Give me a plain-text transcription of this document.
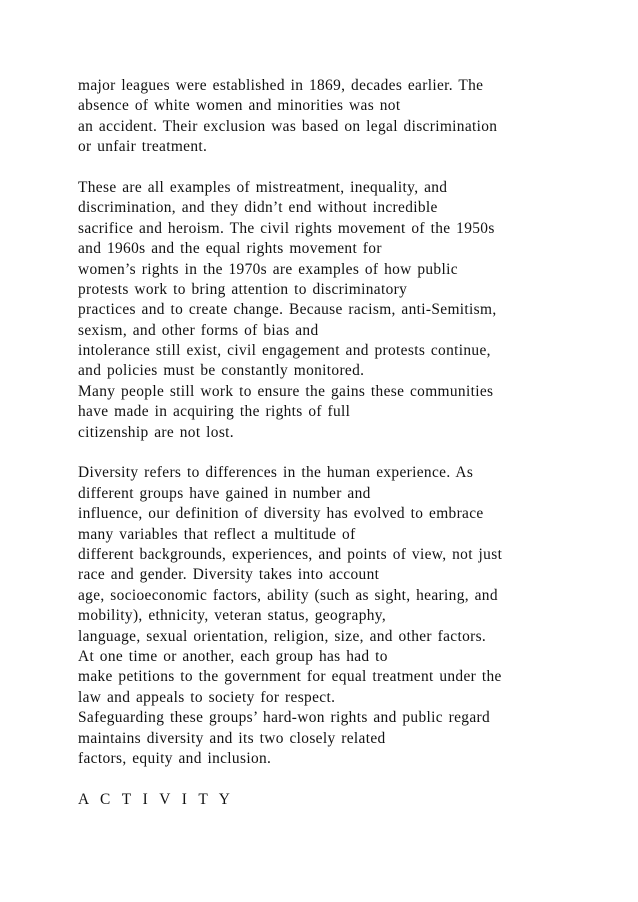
major leagues were established in 1869, decades earlier. The
absence of white women and minorities was not
an accident. Their exclusion was based on legal discrimination
or unfair treatment.
These are all examples of mistreatment, inequality, and
discrimination, and they didn’t end without incredible
sacrifice and heroism. The civil rights movement of the 1950s
and 1960s and the equal rights movement for
women’s rights in the 1970s are examples of how public
protests work to bring attention to discriminatory
practices and to create change. Because racism, anti-Semitism,
sexism, and other forms of bias and
intolerance still exist, civil engagement and protests continue,
and policies must be constantly monitored.
Many people still work to ensure the gains these communities
have made in acquiring the rights of full
citizenship are not lost.
Diversity refers to differences in the human experience. As
different groups have gained in number and
influence, our definition of diversity has evolved to embrace
many variables that reflect a multitude of
different backgrounds, experiences, and points of view, not just
race and gender. Diversity takes into account
age, socioeconomic factors, ability (such as sight, hearing, and
mobility), ethnicity, veteran status, geography,
language, sexual orientation, religion, size, and other factors.
At one time or another, each group has had to
make petitions to the government for equal treatment under the
law and appeals to society for respect.
Safeguarding these groups’ hard-won rights and public regard
maintains diversity and its two closely related
factors, equity and inclusion.
A C T I V I T Y
